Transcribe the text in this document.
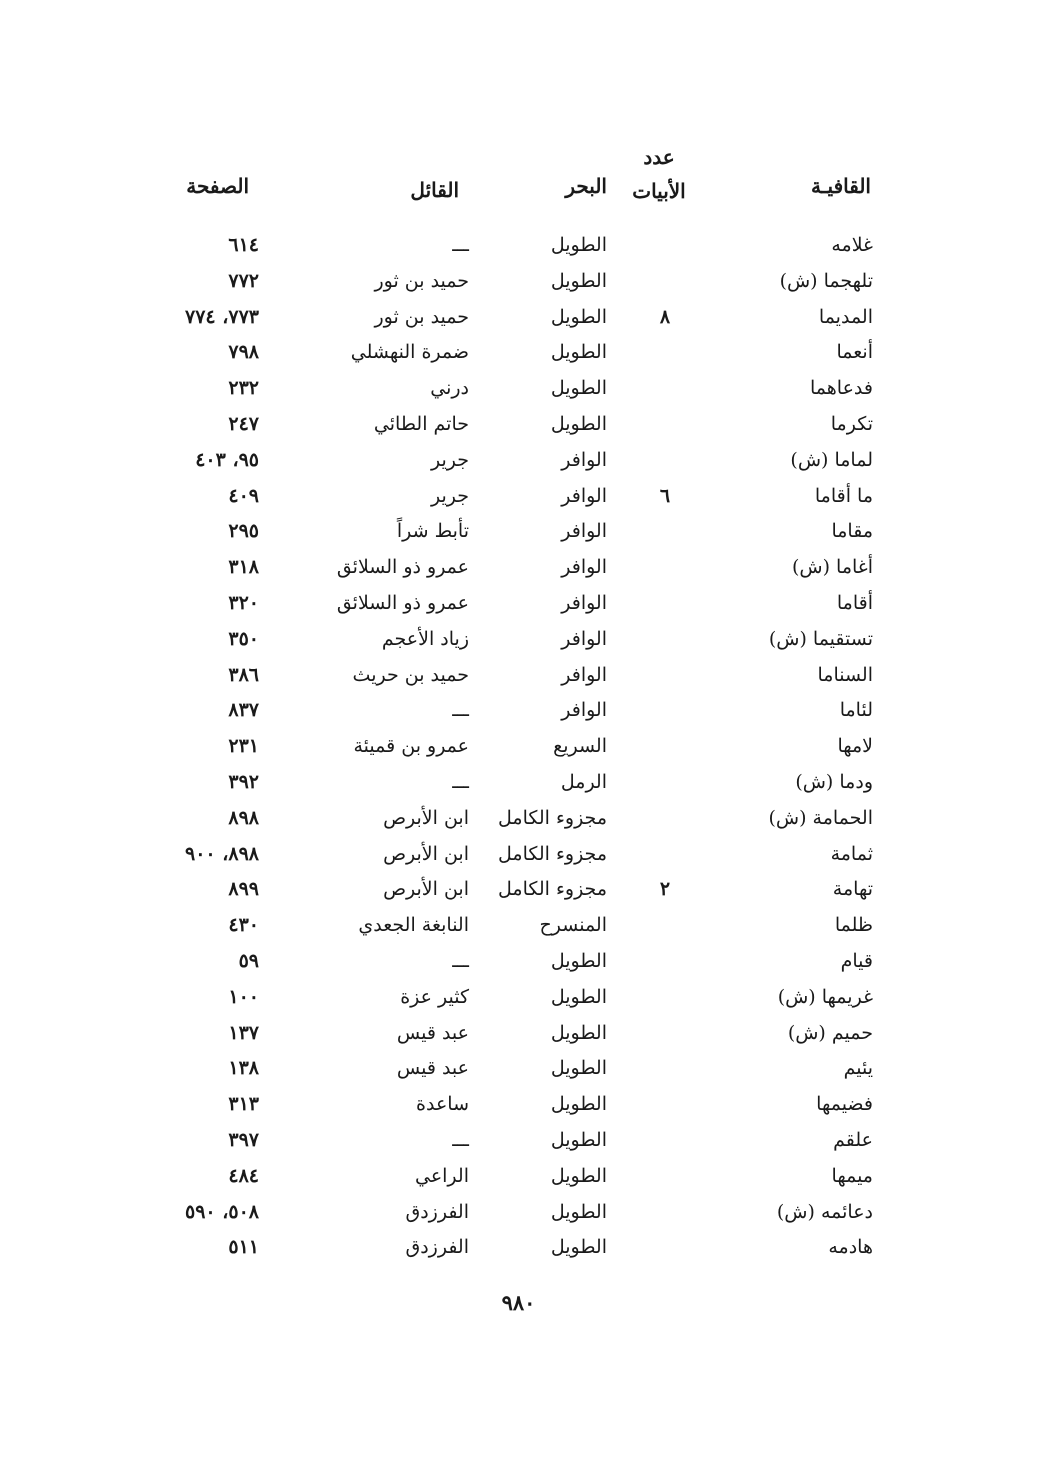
القافيـة
عدد
الأبيات
البحر
القائل
الصفحة
غلامه
الطويل
ـــ
٦١٤
تلهجما (ش)
الطويل
حميد بن ثور
٧٧٢
المديما
٨
الطويل
حميد بن ثور
٧٧٣، ٧٧٤
أنعما
الطويل
ضمرة النهشلي
٧٩٨
فدعاهما
الطويل
درني
٢٣٢
تكرما
الطويل
حاتم الطائي
٢٤٧
لماما (ش)
الوافر
جرير
٩٥، ٤٠٣
ما أقاما
٦
الوافر
جرير
٤٠٩
مقاما
الوافر
تأبط شراً
٢٩٥
أغاما (ش)
الوافر
عمرو ذو السلائق
٣١٨
أقاما
الوافر
عمرو ذو السلائق
٣٢٠
تستقيما (ش)
الوافر
زياد الأعجم
٣٥٠
السناما
الوافر
حميد بن حريث
٣٨٦
لئاما
الوافر
ـــ
٨٣٧
لامها
السريع
عمرو بن قميئة
٢٣١
ودما (ش)
الرمل
ـــ
٣٩٢
الحمامة (ش)
مجزوء الكامل
ابن الأبرص
٨٩٨
ثمامة
مجزوء الكامل
ابن الأبرص
٨٩٨، ٩٠٠
تهامة
٢
مجزوء الكامل
ابن الأبرص
٨٩٩
ظلما
المنسرح
النابغة الجعدي
٤٣٠
قيام
الطويل
ـــ
٥٩
غريمها (ش)
الطويل
كثير عزة
١٠٠
حميم (ش)
الطويل
عبد قيس
١٣٧
يئيم
الطويل
عبد قيس
١٣٨
فضيمها
الطويل
ساعدة
٣١٣
علقم
الطويل
ـــ
٣٩٧
ميمها
الطويل
الراعي
٤٨٤
دعائمه (ش)
الطويل
الفرزدق
٥٠٨، ٥٩٠
هادمه
الطويل
الفرزدق
٥١١
٩٨٠
